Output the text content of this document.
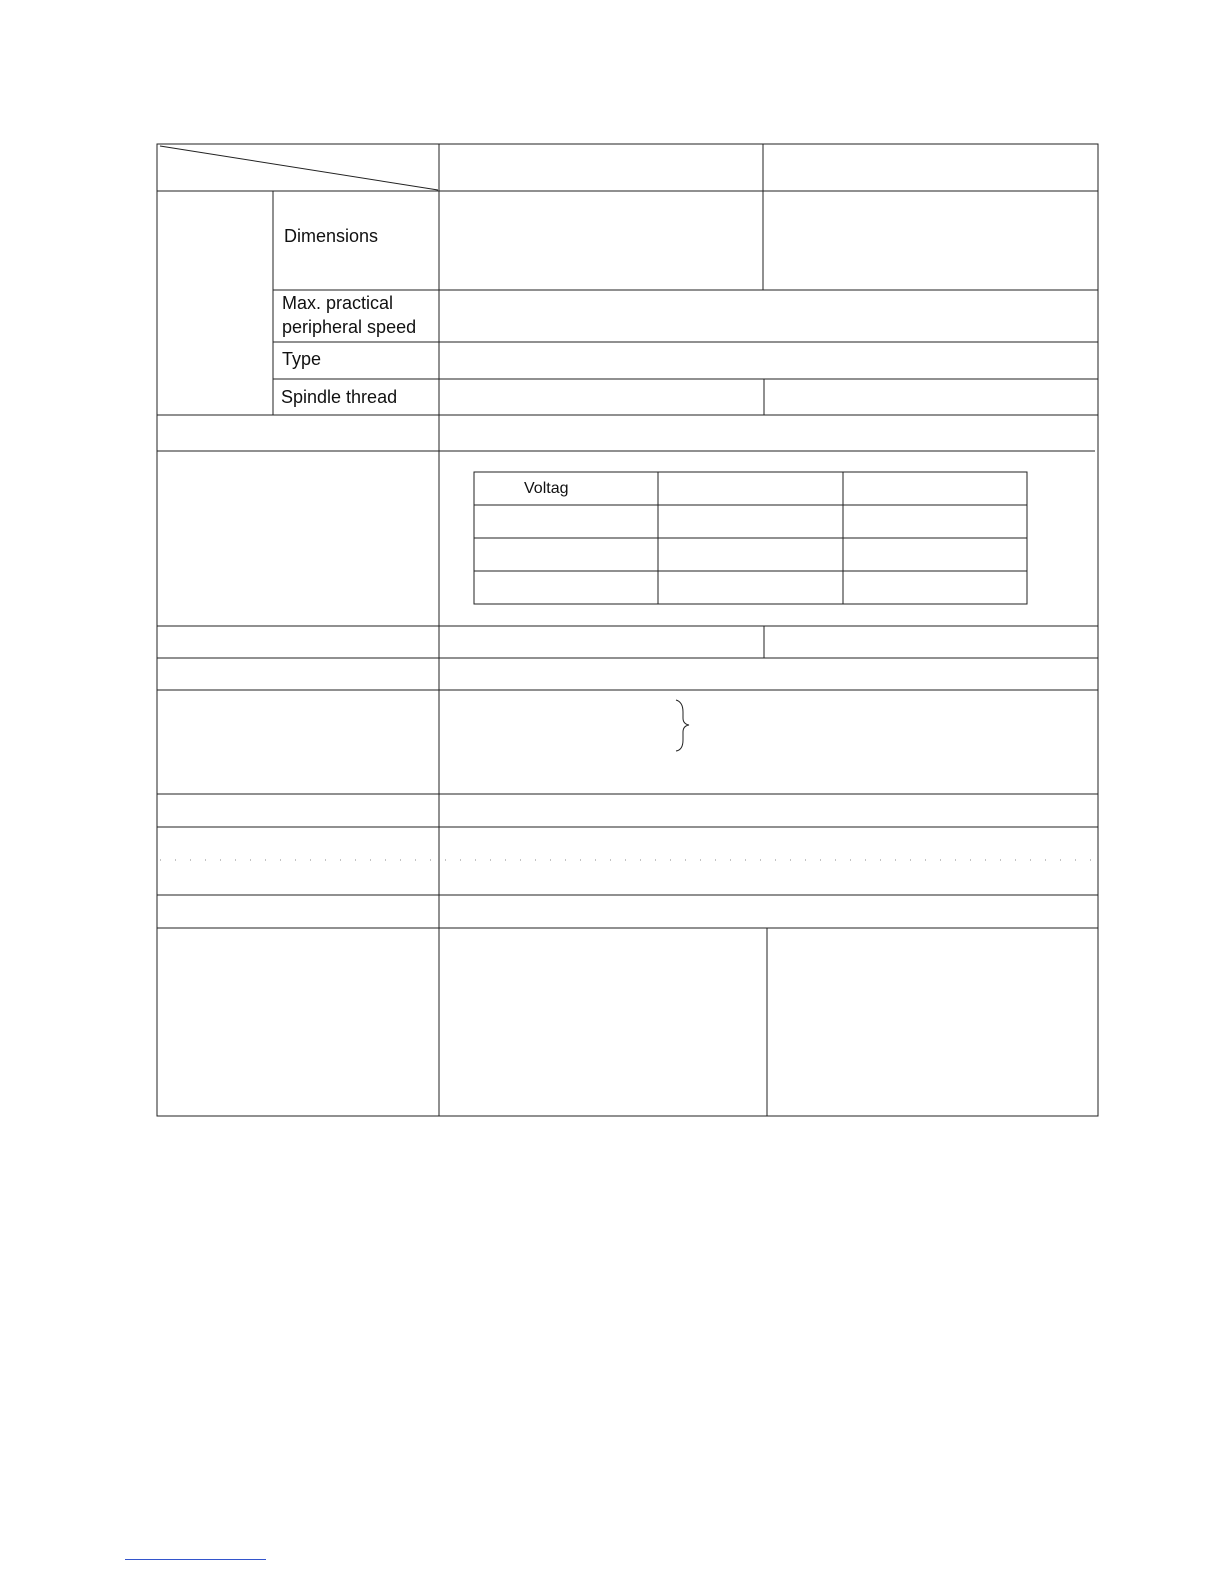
Dimensions
Max. practical
peripheral speed
Type
Spindle thread
Voltag
